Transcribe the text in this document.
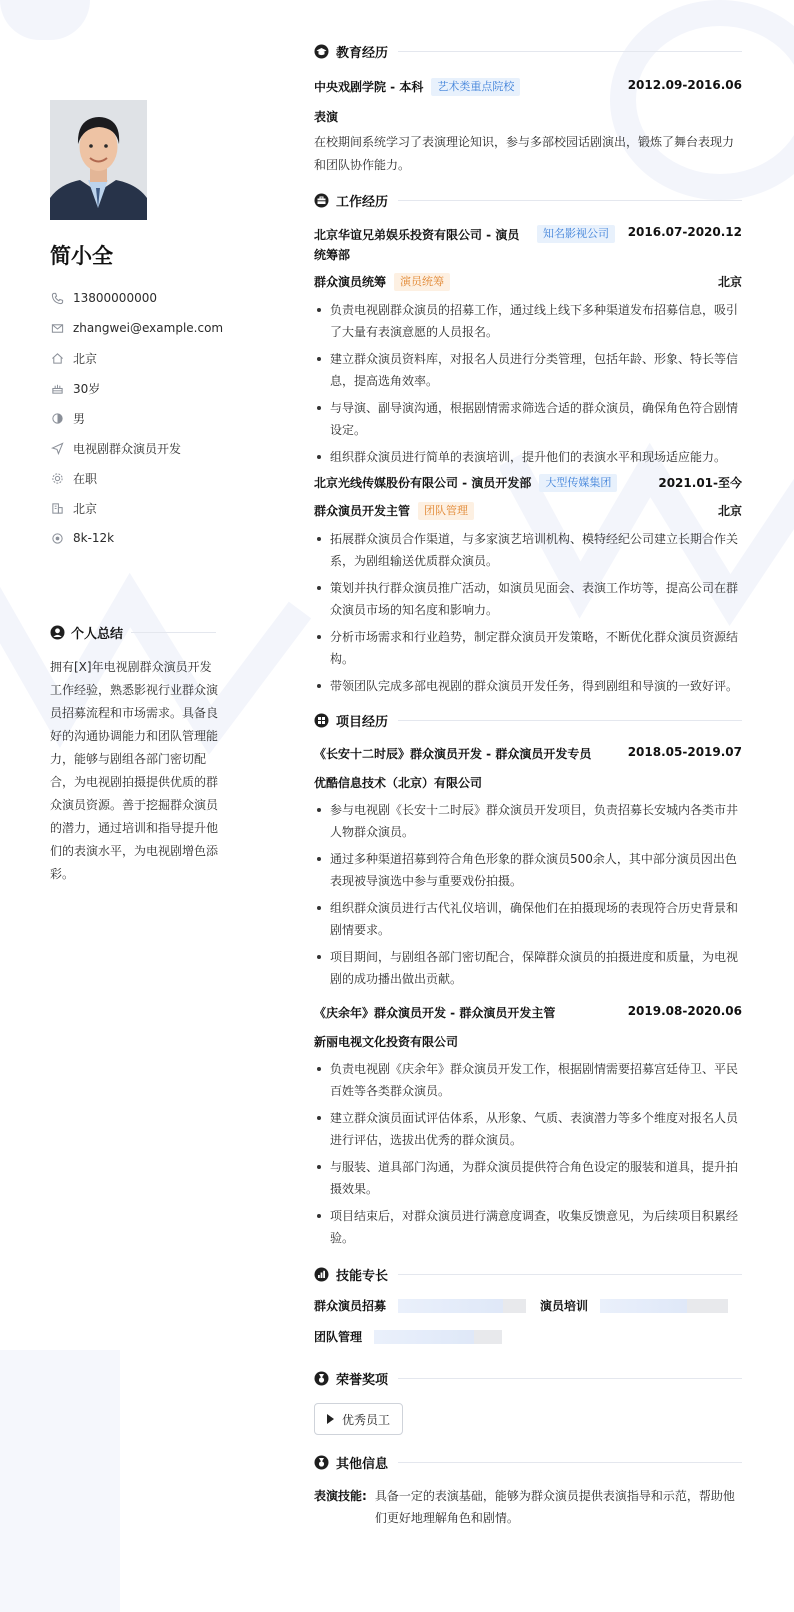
简小全
13800000000
zhangwei@example.com
北京
30岁
男
电视剧群众演员开发
在职
北京
8k-12k
个人总结
拥有[X]年电视剧群众演员开发工作经验，熟悉影视行业群众演员招募流程和市场需求。具备良好的沟通协调能力和团队管理能力，能够与剧组各部门密切配合，为电视剧拍摄提供优质的群众演员资源。善于挖掘群众演员的潜力，通过培训和指导提升他们的表演水平，为电视剧增色添彩。
教育经历
中央戏剧学院 - 本科	艺术类重点院校	2012.09-2016.06
表演
在校期间系统学习了表演理论知识，参与多部校园话剧演出，锻炼了舞台表现力和团队协作能力。
工作经历
北京华谊兄弟娱乐投资有限公司 - 演员统筹部
知名影视公司	2016.07-2020.12
群众演员统筹	演员统筹	北京
负责电视剧群众演员的招募工作，通过线上线下多种渠道发布招募信息，吸引了大量有表演意愿的人员报名。
建立群众演员资料库，对报名人员进行分类管理，包括年龄、形象、特长等信息，提高选角效率。
与导演、副导演沟通，根据剧情需求筛选合适的群众演员，确保角色符合剧情设定。
组织群众演员进行简单的表演培训，提升他们的表演水平和现场适应能力。
北京光线传媒股份有限公司 - 演员开发部	大型传媒集团	2021.01-至今
群众演员开发主管	团队管理	北京
拓展群众演员合作渠道，与多家演艺培训机构、模特经纪公司建立长期合作关系，为剧组输送优质群众演员。
策划并执行群众演员推广活动，如演员见面会、表演工作坊等，提高公司在群众演员市场的知名度和影响力。
分析市场需求和行业趋势，制定群众演员开发策略，不断优化群众演员资源结构。
带领团队完成多部电视剧的群众演员开发任务，得到剧组和导演的一致好评。
项目经历
《长安十二时辰》群众演员开发 - 群众演员开发专员	2018.05-2019.07
优酷信息技术（北京）有限公司
参与电视剧《长安十二时辰》群众演员开发项目，负责招募长安城内各类市井人物群众演员。
通过多种渠道招募到符合角色形象的群众演员500余人，其中部分演员因出色表现被导演选中参与重要戏份拍摄。
组织群众演员进行古代礼仪培训，确保他们在拍摄现场的表现符合历史背景和剧情要求。
项目期间，与剧组各部门密切配合，保障群众演员的拍摄进度和质量，为电视剧的成功播出做出贡献。
《庆余年》群众演员开发 - 群众演员开发主管	2019.08-2020.06
新丽电视文化投资有限公司
负责电视剧《庆余年》群众演员开发工作，根据剧情需要招募宫廷侍卫、平民百姓等各类群众演员。
建立群众演员面试评估体系，从形象、气质、表演潜力等多个维度对报名人员进行评估，选拔出优秀的群众演员。
与服装、道具部门沟通，为群众演员提供符合角色设定的服装和道具，提升拍摄效果。
项目结束后，对群众演员进行满意度调查，收集反馈意见，为后续项目积累经验。
技能专长
群众演员招募	演员培训
团队管理
荣誉奖项
优秀员工
其他信息
表演技能: 具备一定的表演基础，能够为群众演员提供表演指导和示范，帮助他们更好地理解角色和剧情。
